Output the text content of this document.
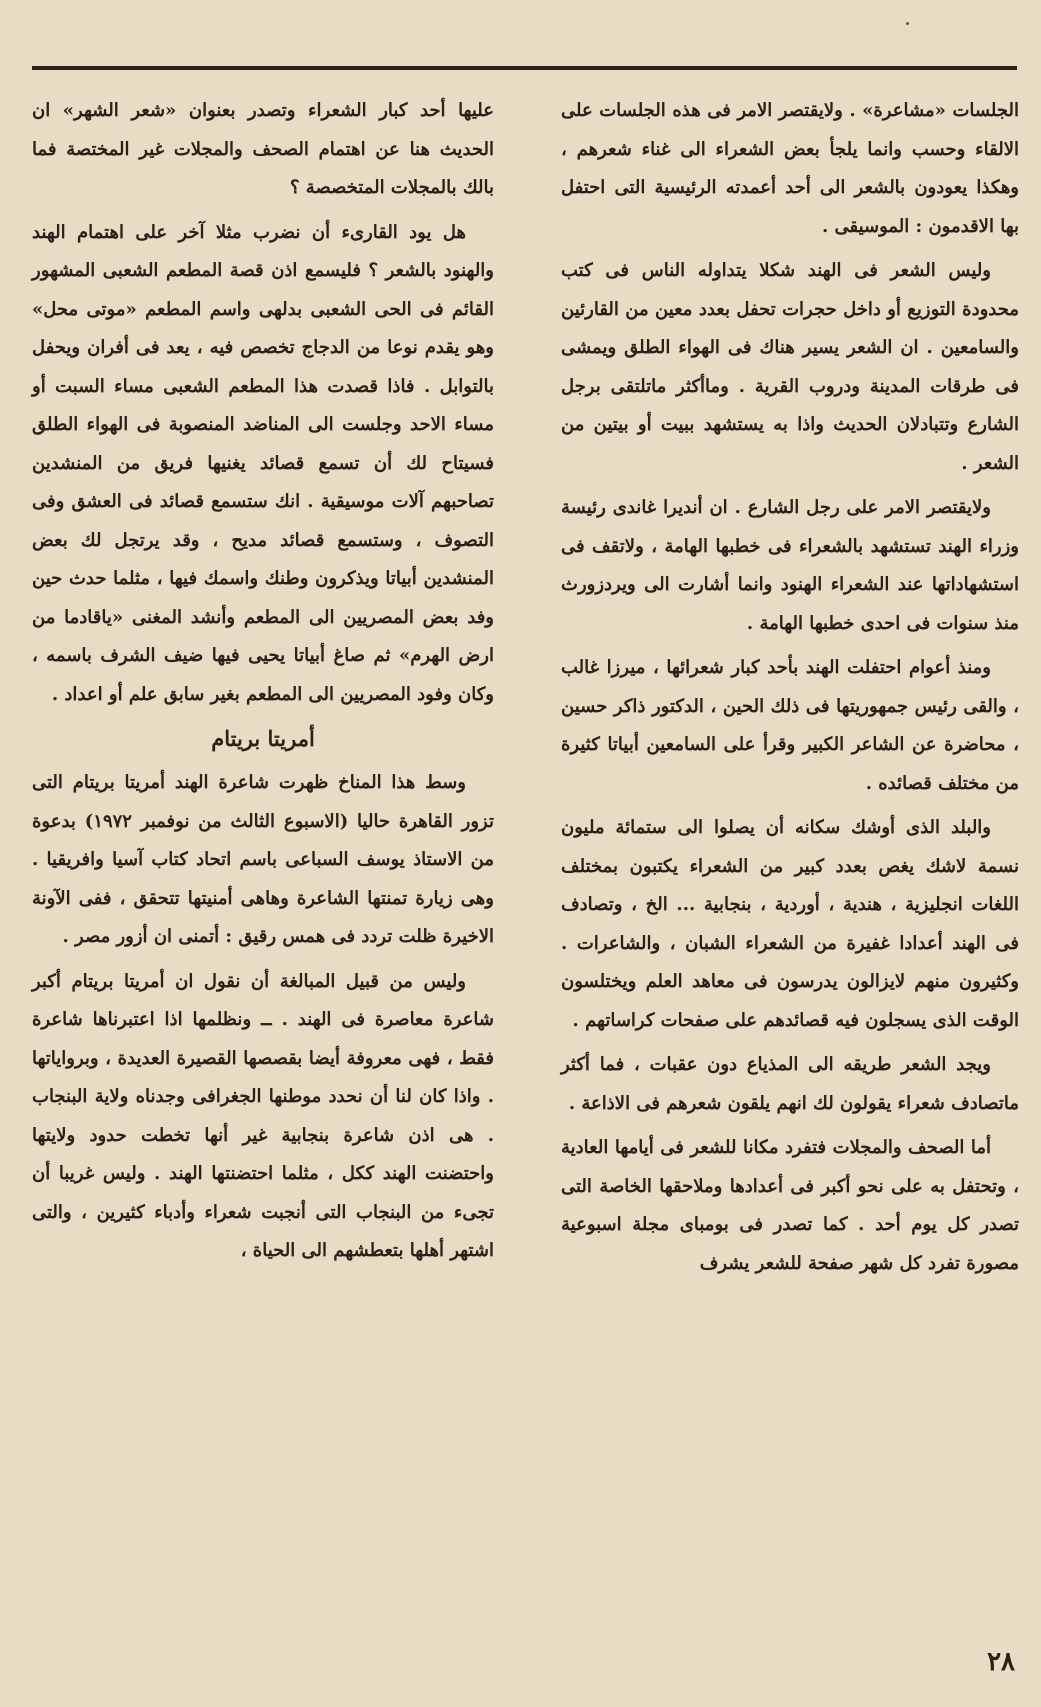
الجلسات «مشاعرة» . ولايقتصر الامر فى هذه الجلسات على الالقاء وحسب وانما يلجأ بعض الشعراء الى غناء شعرهم ، وهكذا يعودون بالشعر الى أحد أعمدته الرئيسية التى احتفل بها الاقدمون : الموسيقى .

وليس الشعر فى الهند شكلا يتداوله الناس فى كتب محدودة التوزيع أو داخل حجرات تحفل بعدد معين من القارئين والسامعين . ان الشعر يسير هناك فى الهواء الطلق ويمشى فى طرقات المدينة ودروب القرية . وماأكثر ماتلتقى برجل الشارع وتتبادلان الحديث واذا به يستشهد ببيت أو بيتين من الشعر .

ولايقتصر الامر على رجل الشارع . ان أنديرا غاندى رئيسة وزراء الهند تستشهد بالشعراء فى خطبها الهامة ، ولاتقف فى استشهاداتها عند الشعراء الهنود وانما أشارت الى ويردزورث منذ سنوات فى احدى خطبها الهامة .

ومنذ أعوام احتفلت الهند بأحد كبار شعرائها ، ميرزا غالب ، والقى رئيس جمهوريتها فى ذلك الحين ، الدكتور ذاكر حسين ، محاضرة عن الشاعر الكبير وقرأ على السامعين أبياتا كثيرة من مختلف قصائده .

والبلد الذى أوشك سكانه أن يصلوا الى ستمائة مليون نسمة لاشك يغص بعدد كبير من الشعراء يكتبون بمختلف اللغات انجليزية ، هندية ، أوردية ، بنجابية ... الخ ، وتصادف فى الهند أعدادا غفيرة من الشعراء الشبان ، والشاعرات . وكثيرون منهم لايزالون يدرسون فى معاهد العلم ويختلسون الوقت الذى يسجلون فيه قصائدهم على صفحات كراساتهم .

ويجد الشعر طريقه الى المذياع دون عقبات ، فما أكثر ماتصادف شعراء يقولون لك انهم يلقون شعرهم فى الاذاعة .

أما الصحف والمجلات فتفرد مكانا للشعر فى أيامها العادية ، وتحتفل به على نحو أكبر فى أعدادها وملاحقها الخاصة التى تصدر كل يوم أحد . كما تصدر فى بومباى مجلة اسبوعية مصورة تفرد كل شهر صفحة للشعر يشرف

عليها أحد كبار الشعراء وتصدر بعنوان «شعر الشهر» ان الحديث هنا عن اهتمام الصحف والمجلات غير المختصة فما بالك بالمجلات المتخصصة ؟

هل يود القارىء أن نضرب مثلا آخر على اهتمام الهند والهنود بالشعر ؟ فليسمع اذن قصة المطعم الشعبى المشهور القائم فى الحى الشعبى بدلهى واسم المطعم «موتى محل» وهو يقدم نوعا من الدجاج تخصص فيه ، يعد فى أفران ويحفل بالتوابل . فاذا قصدت هذا المطعم الشعبى مساء السبت أو مساء الاحد وجلست الى المناضد المنصوبة فى الهواء الطلق فسيتاح لك أن تسمع قصائد يغنيها فريق من المنشدين تصاحبهم آلات موسيقية . انك ستسمع قصائد فى العشق وفى التصوف ، وستسمع قصائد مديح ، وقد يرتجل لك بعض المنشدين أبياتا ويذكرون وطنك واسمك فيها ، مثلما حدث حين وفد بعض المصريين الى المطعم وأنشد المغنى «ياقادما من ارض الهرم» ثم صاغ أبياتا يحيى فيها ضيف الشرف باسمه ، وكان وفود المصريين الى المطعم بغير سابق علم أو اعداد .

أمريتا بريتام

وسط هذا المناخ ظهرت شاعرة الهند أمريتا بريتام التى تزور القاهرة حاليا (الاسبوع الثالث من نوفمبر ١٩٧٢) بدعوة من الاستاذ يوسف السباعى باسم اتحاد كتاب آسيا وافريقيا . وهى زيارة تمنتها الشاعرة وهاهى أمنيتها تتحقق ، ففى الآونة الاخيرة ظلت تردد فى همس رقيق : أتمنى ان أزور مصر .

وليس من قبيل المبالغة أن نقول ان أمريتا بريتام أكبر شاعرة معاصرة فى الهند . ــ ونظلمها اذا اعتبرناها شاعرة فقط ، فهى معروفة أيضا بقصصها القصيرة العديدة ، وبرواياتها . واذا كان لنا أن نحدد موطنها الجغرافى وجدناه ولاية البنجاب . هى اذن شاعرة بنجابية غير أنها تخطت حدود ولايتها واحتضنت الهند ككل ، مثلما احتضنتها الهند . وليس غريبا أن تجىء من البنجاب التى أنجبت شعراء وأدباء كثيرين ، والتى اشتهر أهلها بتعطشهم الى الحياة ،

٢٨
